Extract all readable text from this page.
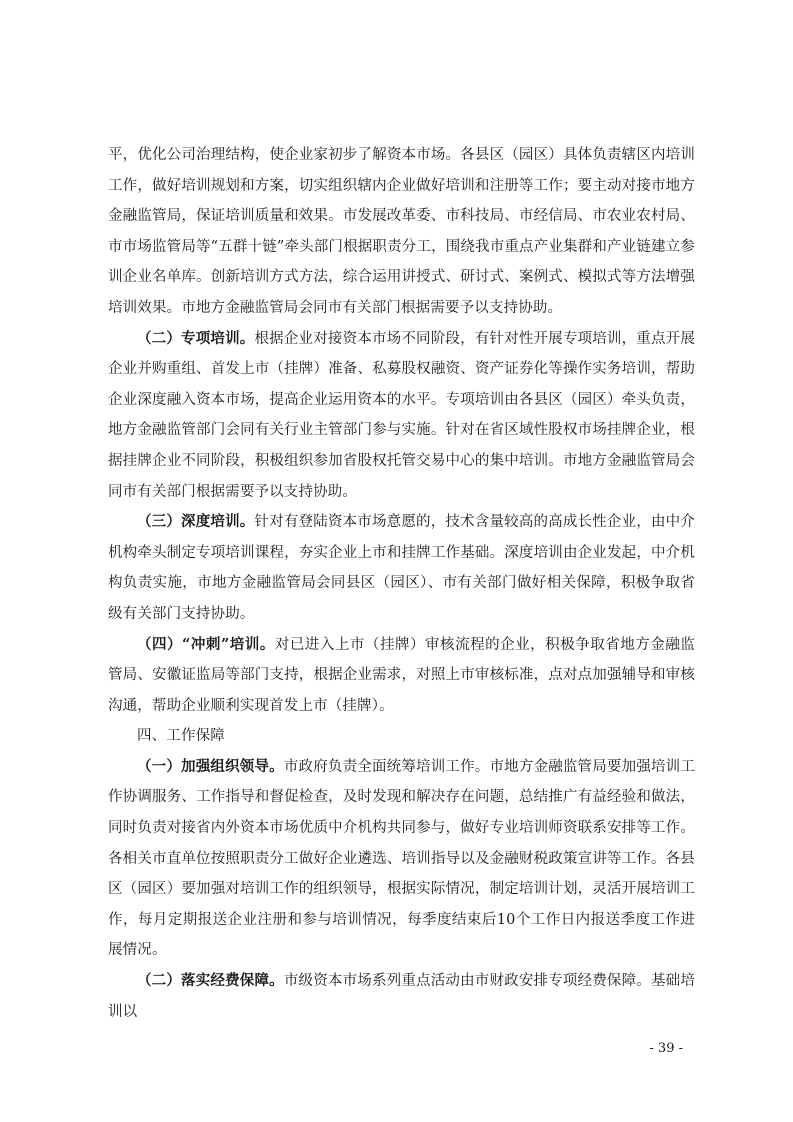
平，优化公司治理结构，使企业家初步了解资本市场。各县区（园区）具体负责辖区内培训工作，做好培训规划和方案，切实组织辖内企业做好培训和注册等工作；要主动对接市地方金融监管局，保证培训质量和效果。市发展改革委、市科技局、市经信局、市农业农村局、市市场监管局等“五群十链”牵头部门根据职责分工，围绕我市重点产业集群和产业链建立参训企业名单库。创新培训方式方法，综合运用讲授式、研讨式、案例式、模拟式等方法增强培训效果。市地方金融监管局会同市有关部门根据需要予以支持协助。

（二）专项培训。根据企业对接资本市场不同阶段，有针对性开展专项培训，重点开展企业并购重组、首发上市（挂牌）准备、私募股权融资、资产证券化等操作实务培训，帮助企业深度融入资本市场，提高企业运用资本的水平。专项培训由各县区（园区）牵头负责，地方金融监管部门会同有关行业主管部门参与实施。针对在省区域性股权市场挂牌企业，根据挂牌企业不同阶段，积极组织参加省股权托管交易中心的集中培训。市地方金融监管局会同市有关部门根据需要予以支持协助。

（三）深度培训。针对有登陆资本市场意愿的，技术含量较高的高成长性企业，由中介机构牵头制定专项培训课程，夯实企业上市和挂牌工作基础。深度培训由企业发起，中介机构负责实施，市地方金融监管局会同县区（园区）、市有关部门做好相关保障，积极争取省级有关部门支持协助。

（四）“冲刺”培训。对已进入上市（挂牌）审核流程的企业，积极争取省地方金融监管局、安徽证监局等部门支持，根据企业需求，对照上市审核标准，点对点加强辅导和审核沟通，帮助企业顺利实现首发上市（挂牌）。

四、工作保障

（一）加强组织领导。市政府负责全面统筹培训工作。市地方金融监管局要加强培训工作协调服务、工作指导和督促检查，及时发现和解决存在问题，总结推广有益经验和做法，同时负责对接省内外资本市场优质中介机构共同参与，做好专业培训师资联系安排等工作。各相关市直单位按照职责分工做好企业遴选、培训指导以及金融财税政策宣讲等工作。各县区（园区）要加强对培训工作的组织领导，根据实际情况，制定培训计划，灵活开展培训工作，每月定期报送企业注册和参与培训情况，每季度结束后10个工作日内报送季度工作进展情况。

（二）落实经费保障。市级资本市场系列重点活动由市财政安排专项经费保障。基础培训以

- 39 -
